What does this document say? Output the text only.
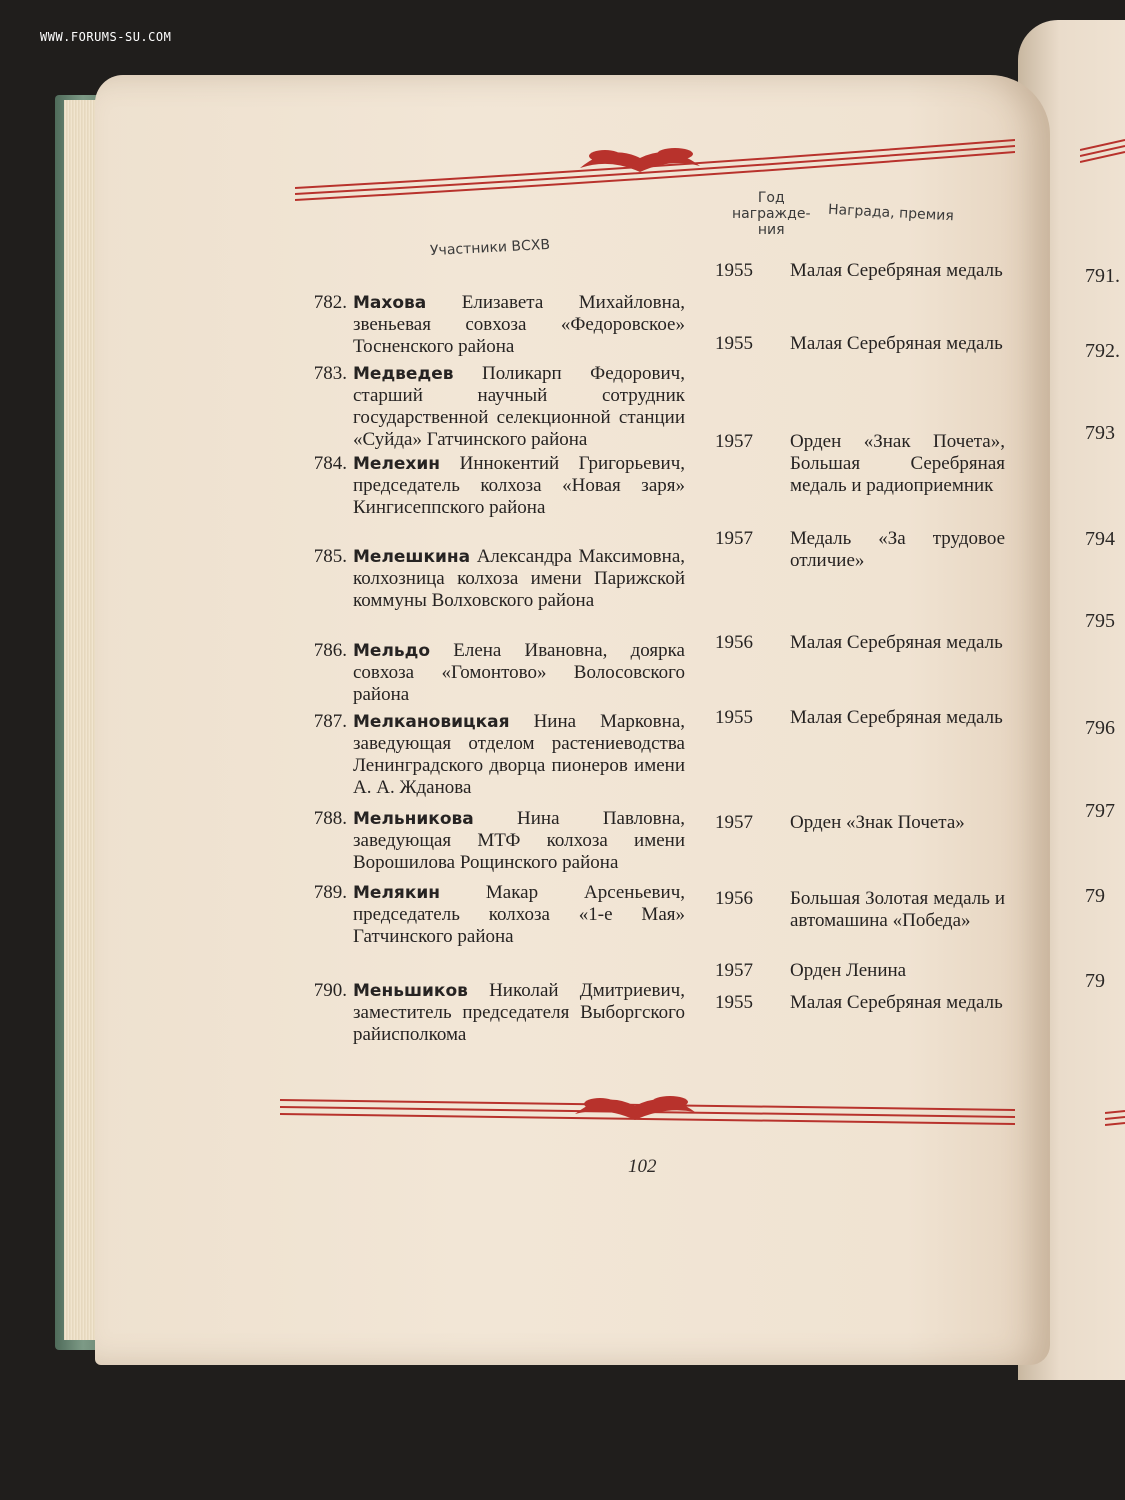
WWW.FORUMS-SU.COM
Участники ВСХВ
Год
награжде-
ния
Награда, премия
782. Махова Елизавета Михайловна, звеньевая совхоза «Федоровское» Тосненского района
1955	Малая Серебряная медаль
783. Медведев Поликарп Федорович, старший научный сотрудник государственной селекционной станции «Суйда» Гатчинского района
1955	Малая Серебряная медаль
784. Мелехин Иннокентий Григорьевич, председатель колхоза «Новая заря» Кингисеппского района
1957	Орден «Знак Почета», Большая Серебряная медаль и радиоприемник
785. Мелешкина Александра Максимовна, колхозница колхоза имени Парижской коммуны Волховского района
1957	Медаль «За трудовое отличие»
786. Мельдо Елена Ивановна, доярка совхоза «Гомонтово» Волосовского района
1956	Малая Серебряная медаль
787. Мелкановицкая Нина Марковна, заведующая отделом растениеводства Ленинградского дворца пионеров имени А. А. Жданова
1955	Малая Серебряная медаль
788. Мельникова Нина Павловна, заведующая МТФ колхоза имени Ворошилова Рощинского района
1957	Орден «Знак Почета»
789. Мелякин Макар Арсеньевич, председатель колхоза «1-е Мая» Гатчинского района
1956	Большая Золотая медаль и автомашина «Победа»
1957	Орден Ленина
790. Меньшиков Николай Дмитриевич, заместитель председателя Выборгского райисполкома
1955	Малая Серебряная медаль
102
791.
792.
793
794
795
796
797
79
79
